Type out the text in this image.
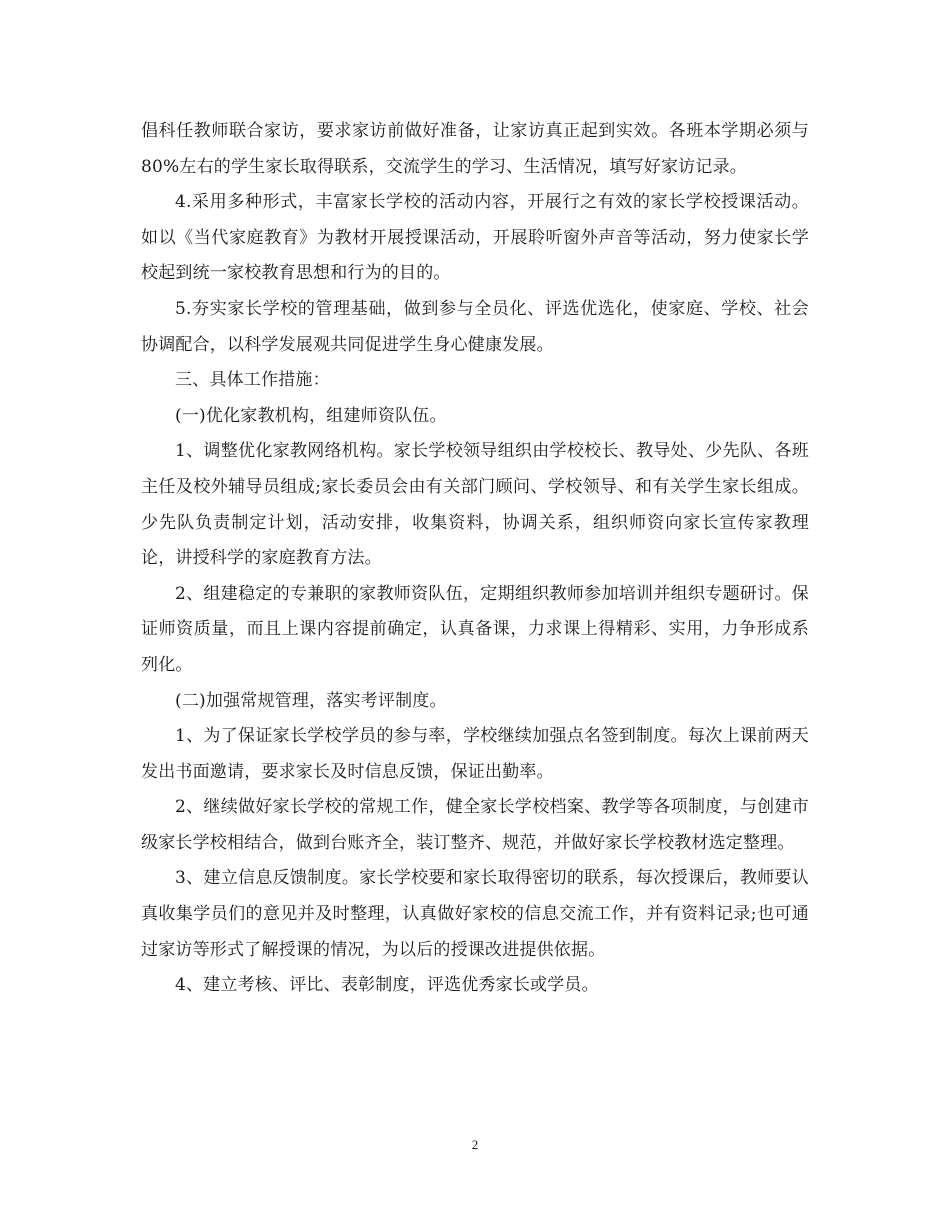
倡科任教师联合家访，要求家访前做好准备，让家访真正起到实效。各班本学期必须与80%左右的学生家长取得联系，交流学生的学习、生活情况，填写好家访记录。

4.采用多种形式，丰富家长学校的活动内容，开展行之有效的家长学校授课活动。如以《当代家庭教育》为教材开展授课活动，开展聆听窗外声音等活动，努力使家长学校起到统一家校教育思想和行为的目的。

5.夯实家长学校的管理基础，做到参与全员化、评选优选化，使家庭、学校、社会协调配合，以科学发展观共同促进学生身心健康发展。

三、具体工作措施：

(一)优化家教机构，组建师资队伍。

1、调整优化家教网络机构。家长学校领导组织由学校校长、教导处、少先队、各班主任及校外辅导员组成;家长委员会由有关部门顾问、学校领导、和有关学生家长组成。少先队负责制定计划，活动安排，收集资料，协调关系，组织师资向家长宣传家教理论，讲授科学的家庭教育方法。

2、组建稳定的专兼职的家教师资队伍，定期组织教师参加培训并组织专题研讨。保证师资质量，而且上课内容提前确定，认真备课，力求课上得精彩、实用，力争形成系列化。

(二)加强常规管理，落实考评制度。

1、为了保证家长学校学员的参与率，学校继续加强点名签到制度。每次上课前两天发出书面邀请，要求家长及时信息反馈，保证出勤率。

2、继续做好家长学校的常规工作，健全家长学校档案、教学等各项制度，与创建市级家长学校相结合，做到台账齐全，装订整齐、规范，并做好家长学校教材选定整理。

3、建立信息反馈制度。家长学校要和家长取得密切的联系，每次授课后，教师要认真收集学员们的意见并及时整理，认真做好家校的信息交流工作，并有资料记录;也可通过家访等形式了解授课的情况，为以后的授课改进提供依据。

4、建立考核、评比、表彰制度，评选优秀家长或学员。

2
